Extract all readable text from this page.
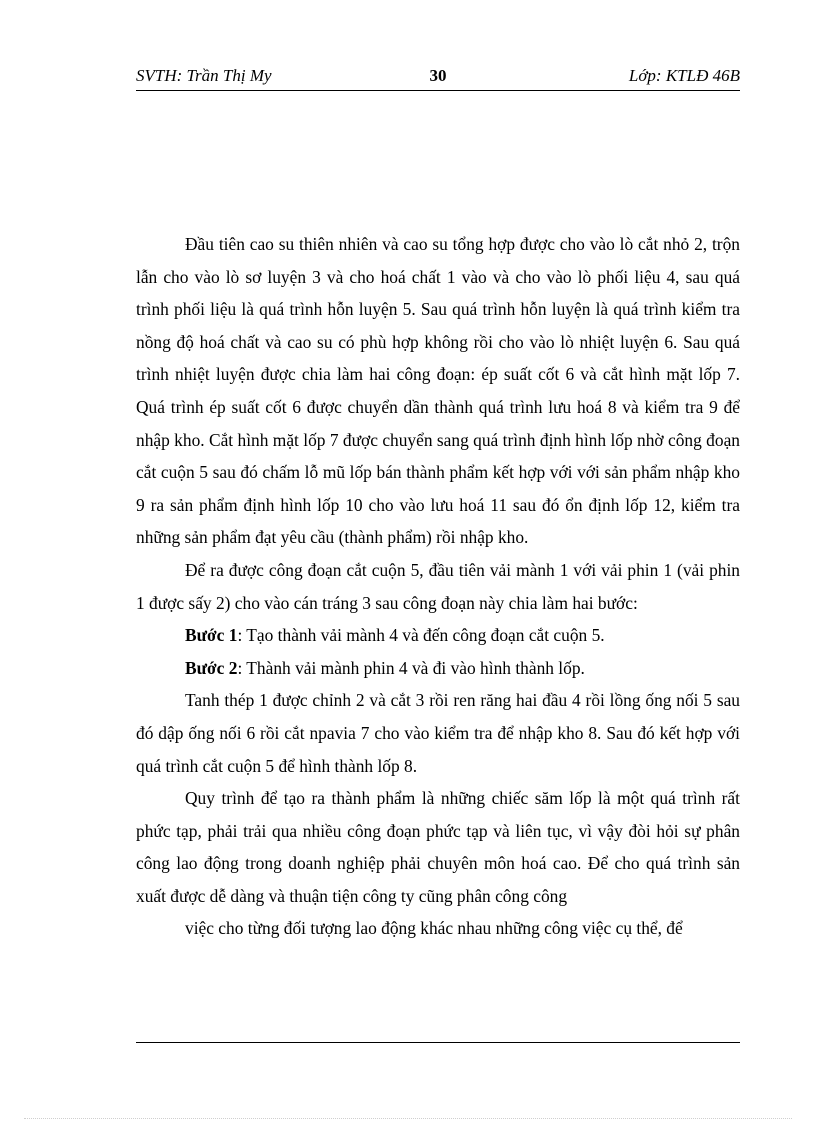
SVTH: Trần Thị My	30	Lớp: KTLĐ 46B

Đầu tiên cao su thiên nhiên và cao su tổng hợp được cho vào lò cắt nhỏ 2, trộn lẫn cho vào lò sơ luyện 3 và cho hoá chất 1 vào và cho vào lò phối liệu 4, sau quá trình phối liệu là quá trình hỗn luyện 5. Sau quá trình hỗn luyện là quá trình kiểm tra nồng độ hoá chất và cao su có phù hợp không rồi cho vào lò nhiệt luyện 6. Sau quá trình nhiệt luyện được chia làm hai công đoạn: ép suất cốt 6 và cắt hình mặt lốp 7. Quá trình ép suất cốt 6 được chuyển dần thành quá trình lưu hoá 8 và kiểm tra 9 để nhập kho. Cắt hình mặt lốp 7 được chuyển sang quá trình định hình lốp nhờ công đoạn cắt cuộn 5 sau đó chấm lỗ mũ lốp bán thành phẩm kết hợp với với sản phẩm nhập kho 9 ra sản phẩm định hình lốp 10 cho vào lưu hoá 11 sau đó ổn định lốp 12, kiểm tra những sản phẩm đạt yêu cầu (thành phẩm) rồi nhập kho.

Để ra được công đoạn cắt cuộn 5, đầu tiên vải mành 1 với vải phin 1 (vải phin 1 được sấy 2) cho vào cán tráng 3 sau công đoạn này chia làm hai bước:

Bước 1: Tạo thành vải mành 4 và đến công đoạn cắt cuộn 5.

Bước 2: Thành vải mành phin 4 và đi vào hình thành lốp.

Tanh thép 1 được chỉnh 2 và cắt 3 rồi ren răng hai đầu 4 rồi lồng ống nối 5 sau đó dập ống nối 6 rồi cắt npavia 7 cho vào kiểm tra để nhập kho 8. Sau đó kết hợp với quá trình cắt cuộn 5 để hình thành lốp 8.

Quy trình để tạo ra thành phẩm là những chiếc săm lốp là một quá trình rất phức tạp, phải trải qua nhiều công đoạn phức tạp và liên tục, vì vậy đòi hỏi sự phân công lao động trong doanh nghiệp phải chuyên môn hoá cao. Để cho quá trình sản xuất được dễ dàng và thuận tiện công ty cũng phân công công

việc cho từng đối tượng lao động khác nhau những công việc cụ thể, để
